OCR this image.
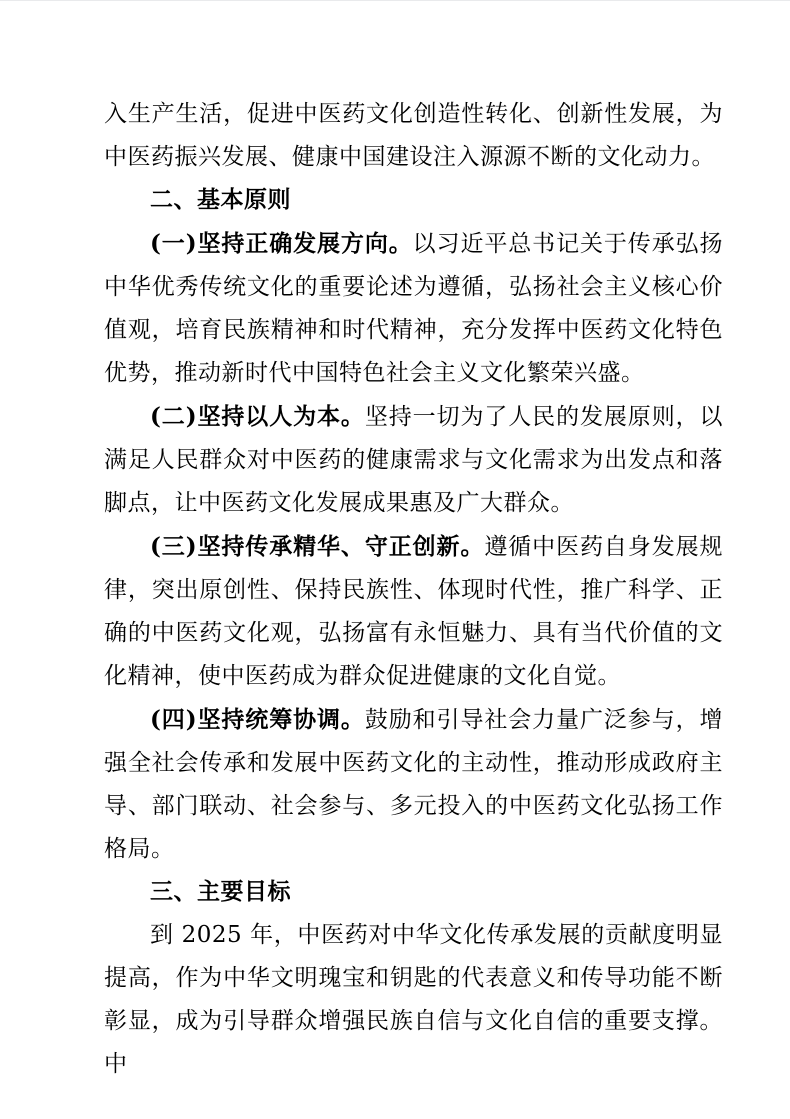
入生产生活，促进中医药文化创造性转化、创新性发展，为中医药振兴发展、健康中国建设注入源源不断的文化动力。

二、基本原则

(一)坚持正确发展方向。以习近平总书记关于传承弘扬中华优秀传统文化的重要论述为遵循，弘扬社会主义核心价值观，培育民族精神和时代精神，充分发挥中医药文化特色优势，推动新时代中国特色社会主义文化繁荣兴盛。

(二)坚持以人为本。坚持一切为了人民的发展原则，以满足人民群众对中医药的健康需求与文化需求为出发点和落脚点，让中医药文化发展成果惠及广大群众。

(三)坚持传承精华、守正创新。遵循中医药自身发展规律，突出原创性、保持民族性、体现时代性，推广科学、正确的中医药文化观，弘扬富有永恒魅力、具有当代价值的文化精神，使中医药成为群众促进健康的文化自觉。

(四)坚持统筹协调。鼓励和引导社会力量广泛参与，增强全社会传承和发展中医药文化的主动性，推动形成政府主导、部门联动、社会参与、多元投入的中医药文化弘扬工作格局。

三、主要目标

到 2025 年，中医药对中华文化传承发展的贡献度明显提高，作为中华文明瑰宝和钥匙的代表意义和传导功能不断彰显，成为引导群众增强民族自信与文化自信的重要支撑。中
